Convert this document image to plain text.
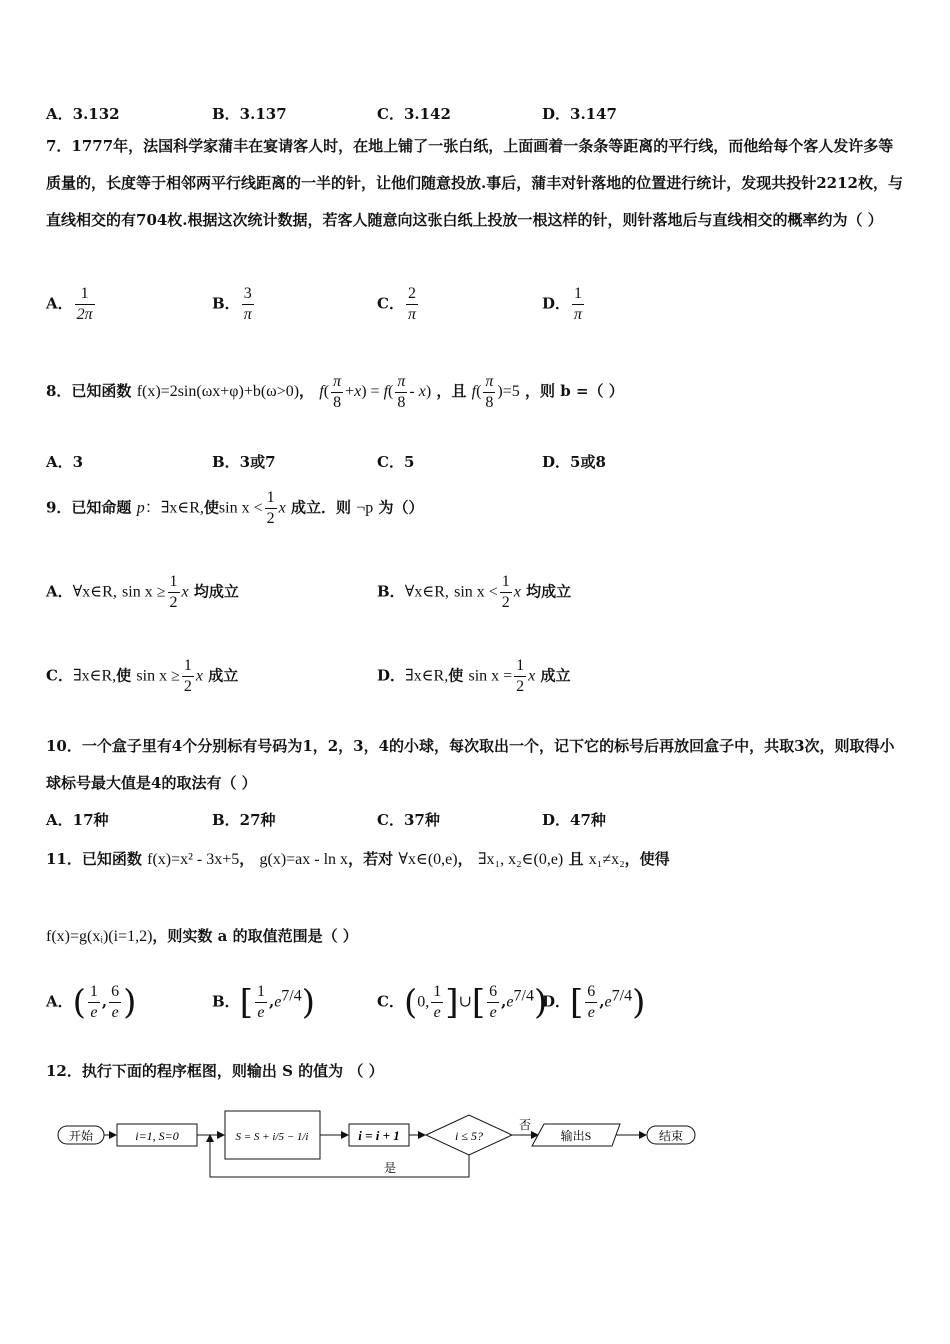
A．3.132	B．3.137	C．3.142	D．3.147
7．1777年，法国科学家蒲丰在宴请客人时，在地上铺了一张白纸，上面画着一条条等距离的平行线，而他给每个客人发许多等质量的，长度等于相邻两平行线距离的一半的针，让他们随意投放.事后，蒲丰对针落地的位置进行统计，发现共投针2212枚，与直线相交的有704枚.根据这次统计数据，若客人随意向这张白纸上投放一根这样的针，则针落地后与直线相交的概率约为（ ）
A． $\frac{1}{2\pi}$	B． $\frac{3}{\pi}$	C． $\frac{2}{\pi}$	D． $\frac{1}{\pi}$
8．已知函数 f(x)=2sin(ωx+φ)+b(ω>0)， $f( \frac{\pi}{8} +x) = f( \frac{\pi}{8} - x)$ ，且 $f( \frac{\pi}{8} )=5$ ，则 b =（ ）
A．3	B．3或7	C．5	D．5或8
9．已知命题 p：∃x∈R,使$\sin x < \frac{1}{2}$ x 成立．则 ¬p 为（）
A．∀x∈R, $\sin x \ge \frac{1}{2}$ x 均成立	B．∀x∈R, $\sin x < \frac{1}{2}$ x 均成立
C．∃x∈R,使 $\sin x \ge \frac{1}{2}$ x 成立	D．∃x∈R,使 $\sin x = \frac{1}{2}$ x 成立
10．一个盒子里有4个分别标有号码为1，2，3，4的小球，每次取出一个，记下它的标号后再放回盒子中，共取3次，则取得小球标号最大值是4的取法有（ ）
A．17种	B．27种	C．37种	D．47种
11．已知函数 f(x)=x² - 3x+5， g(x)=ax - ln x，若对 ∀x∈(0,e)， ∃x₁, x₂∈(0,e) 且 x₁≠x₂，使得
f(x)=g(xᵢ)(i=1,2)，则实数 a 的取值范围是（ ）
A．( $\frac{1}{e}$ , $\frac{6}{e}$ )	B．[ $\frac{1}{e} ,e^{7/4}$)	C．(0, $\frac{1}{e}$ ]∪[ $\frac{6}{e} ,e^{7/4}$)
D．[ $\frac{6}{e} ,e^{7/4}$)
12．执行下面的程序框图，则输出 S 的值为 （ ）
开始	i=1, S=0	S = S + i/5 − 1/i	i = i + 1	i ≤ 5?
否
输出S	结束
是
